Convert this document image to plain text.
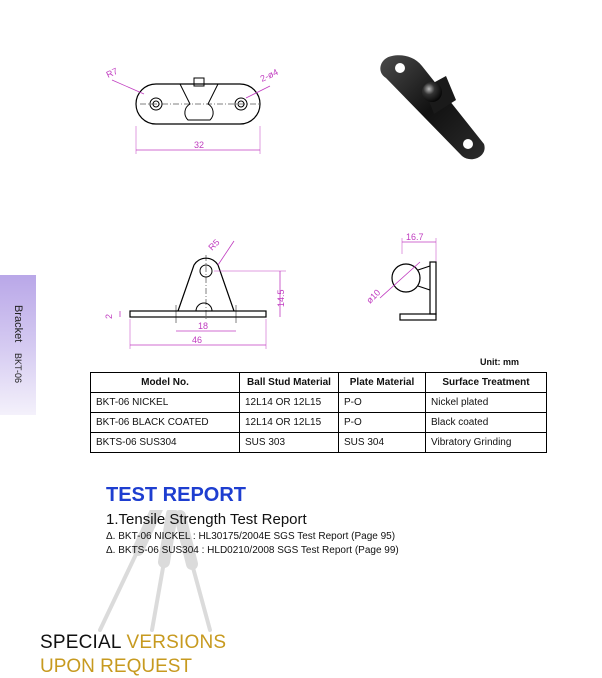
Bracket BKT-06
R7	2-ø4
32
R5
14.5
2
18
46
16.7
ø10
Unit: mm
Model No.	Ball Stud Material	Plate Material	Surface Treatment
BKT-06 NICKEL	12L14 OR 12L15	P-O	Nickel plated
BKT-06 BLACK COATED	12L14 OR 12L15	P-O	Black coated
BKTS-06 SUS304	SUS 303	SUS 304	Vibratory Grinding
TEST REPORT
1.Tensile Strength Test Report
Δ. BKT-06 NICKEL : HL30175/2004E SGS Test Report (Page 95)
Δ. BKTS-06 SUS304 : HLD0210/2008 SGS Test Report (Page 99)
SPECIAL VERSIONS
UPON REQUEST
